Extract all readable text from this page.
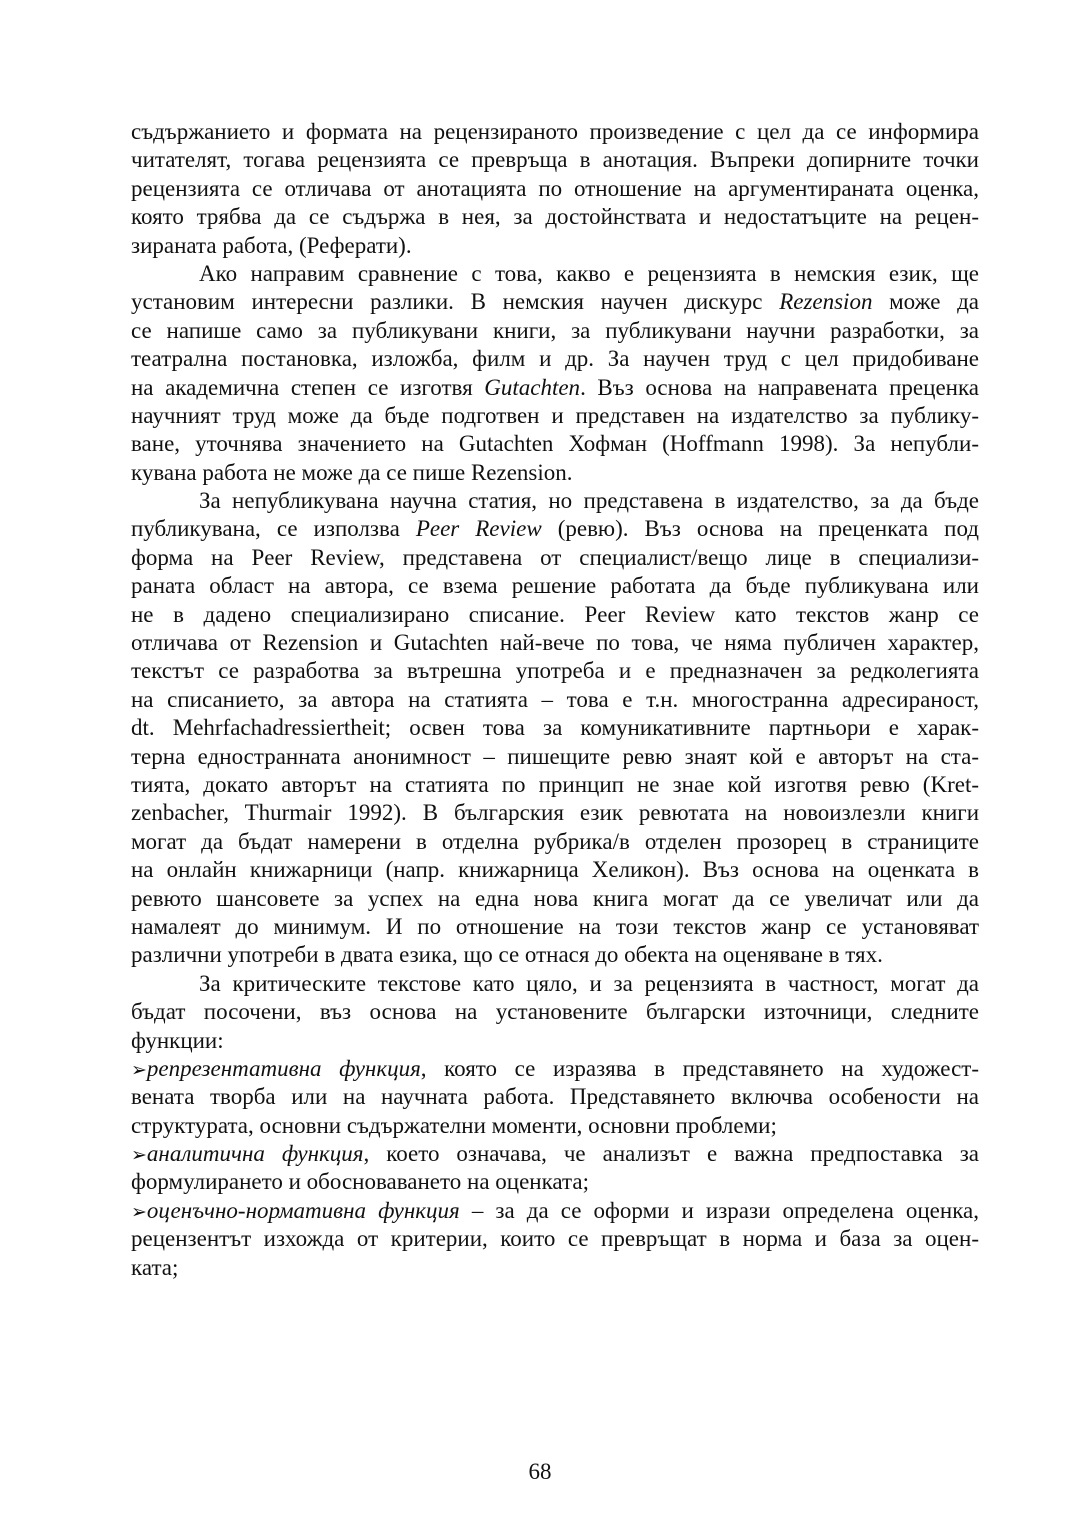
съдържанието и формата на рецензираното произведение с цел да се информира
читателят, тогава рецензията се превръща в анотация. Въпреки допирните точки
рецензията се отличава от анотацията по отношение на аргументираната оценка,
която трябва да се съдържа в нея, за достойнствата и недостатъците на рецен-
зираната работа, (Реферати).
Ако направим сравнение с това, какво е рецензията в немския език, ще
установим интересни разлики. В немския научен дискурс Rezension може да
се напише само за публикувани книги, за публикувани научни разработки, за
театрална постановка, изложба, филм и др. За научен труд с цел придобиване
на академична степен се изготвя Gutachten. Въз основа на направената преценка
научният труд може да бъде подготвен и представен на издателство за публику-
ване, уточнява значението на Gutachten Хофман (Hoffmann 1998). За непубли-
кувана работа не може да се пише Rezension.
За непубликувана научна статия, но представена в издателство, за да бъде
публикувана, се използва Peer Review (ревю). Въз основа на преценката под
форма на Peer Review, представена от специалист/вещо лице в специализи-
раната област на автора, се взема решение работата да бъде публикувана или
не в дадено специализирано списание. Peer Review като текстов жанр се
отличава от Rezension и Gutachten най-вече по това, че няма публичен характер,
текстът се разработва за вътрешна употреба и е предназначен за редколегията
на списанието, за автора на статията – това е т.н. многостранна адресираност,
dt. Mehrfachadressiertheit; освен това за комуникативните партньори е харак-
терна едностранната анонимност – пишещите ревю знаят кой е авторът на ста-
тията, докато авторът на статията по принцип не знае кой изготвя ревю (Kret-
zenbacher, Thurmair 1992). В българския език ревютата на новоизлезли книги
могат да бъдат намерени в отделна рубрика/в отделен прозорец в страниците
на онлайн книжарници (напр. книжарница Хеликон). Въз основа на оценката в
ревюто шансовете за успех на една нова книга могат да се увеличат или да
намалеят до минимум. И по отношение на този текстов жанр се установяват
различни употреби в двата езика, що се отнася до обекта на оценяване в тях.
За критическите текстове като цяло, и за рецензията в частност, могат да
бъдат посочени, въз основа на установените български източници, следните
функции:
➢репрезентативна функция, която се изразява в представянето на художест-
вената творба или на научната работа. Представянето включва особености на
структурата, основни съдържателни моменти, основни проблеми;
➢аналитична функция, което означава, че анализът е важна предпоставка за
формулирането и обосноваването на оценката;
➢оценъчно-нормативна функция – за да се оформи и изрази определена оценка,
рецензентът изхожда от критерии, които се превръщат в норма и база за оцен-
ката;
68
